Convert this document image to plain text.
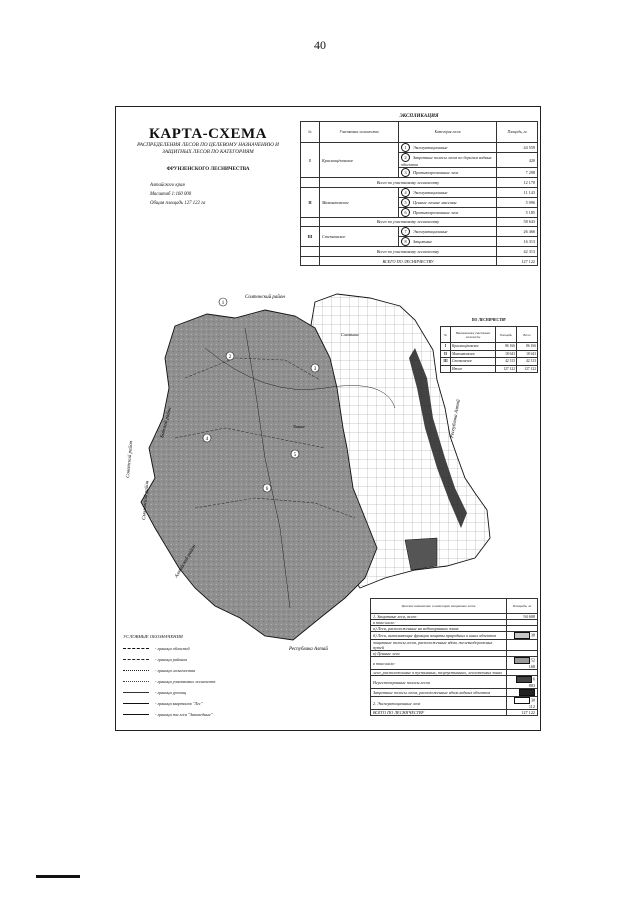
40
КАРТА-СХЕМА
РАСПРЕДЕЛЕНИЯ ЛЕСОВ ПО ЦЕЛЕВОМУ НАЗНАЧЕНИЮ И ЗАЩИТНЫХ ЛЕСОВ ПО КАТЕГОРИЯМ
ФРУНЗЕНСКОГО ЛЕСНИЧЕСТВА
Алтайского края
Масштаб 1:160 000
Общая площадь 127 122 га
ЭКСПЛИКАЦИЯ
№	Участковые лесничества	Категория лесов	Площадь, га
I	Краснощёковское	1 Эксплуатационные	44 559
		2 Запретные полосы лесов по берегам водных объектов	420
		3 Противоэрозионные леса	7 298
	Всего по участковому лесничеству		12 170
II	Мамонтовское	4 Эксплуатационные	11 143
		5 Ценные лесные массивы	5 096
		6 Противоэрозионные леса	5 185
	Всего по участковому лесничеству		58 643
III	Степновское	7 Эксплуатационные	26 466
		8 Защитные	16 313
	Всего по участковому лесничеству		42 313
	ВСЕГО ПО ЛЕСНИЧЕСТВУ		127 122
1
2
3
4
5
6
Солтонский район
Соловьиха
Тоиное
Республика Алтай
Республика Алтай
Бийский район
Советский район
Смоленский район
Алтайский район
ПО ЛЕСНИЧЕСТВУ
№	Наименование участковых лесничеств	Площадь	Всего
I	Краснощёковское	86 166	86 166
II	Мамонтовское	18 643	18 643
III	Степновское	42 313	42 313
	Итого	127 122	127 122
УСЛОВНЫЕ ОБОЗНАЧЕНИЯ
- граница областей
- граница районов
- граница лесничества
- граница участковых лесничеств
- граница урочищ
- граница кварталов "Лес"
- граница зон леса "Заповедные"
Целевое назначение и категории защитных лесов	Площадь, га
1. Защитные леса, всего:	94 608
в том числе:	
а) Леса, расположенные на водоохранных зонах	
б) Леса, выполняющие функции защиты природных и иных объектов	38
защитные полосы лесов, расположенные вдоль железнодорожных путей	
в) Ценные леса	
в том числе:	52 168
леса, расположенные в пустынных, полупустынных, лесостепных зонах	
Нерестоохранные полосы лесов	6 883
Запретные полосы лесов, расположенные вдоль водных объектов	
2. Эксплуатационные леса	30 112
ВСЕГО ПО ЛЕСНИЧЕСТВУ	127 122
